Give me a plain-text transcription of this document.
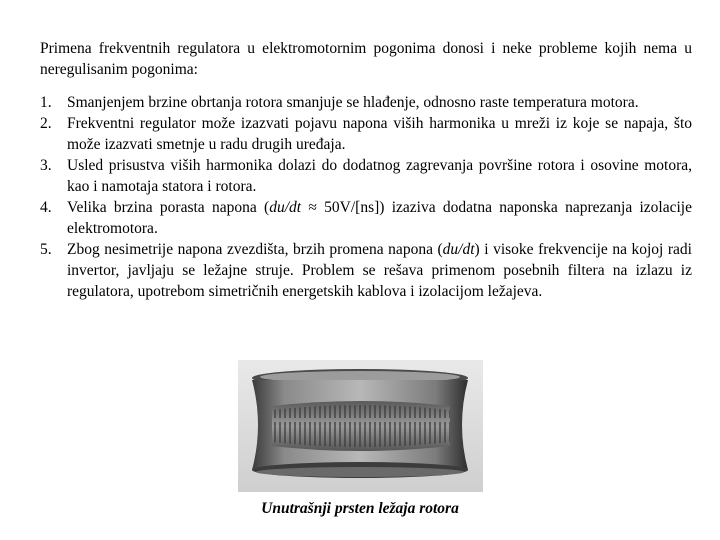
Primena frekventnih regulatora u elektromotornim pogonima donosi i neke probleme kojih nema u neregulisanim pogonima:

1. Smanjenjem brzine obrtanja rotora smanjuje se hlađenje, odnosno raste temperatura motora.
2. Frekventni regulator može izazvati pojavu napona viših harmonika u mreži iz koje se napaja, što može izazvati smetnje u radu drugih uređaja.
3. Usled prisustva viših harmonika dolazi do dodatnog zagrevanja površine rotora i osovine motora, kao i namotaja statora i rotora.
4. Velika brzina porasta napona (du/dt ≈ 50V/[ns]) izaziva dodatna naponska naprezanja izolacije elektromotora.
5. Zbog nesimetrije napona zvezdišta, brzih promena napona (du/dt) i visoke frekvencije na kojoj radi invertor, javljaju se ležajne struje. Problem se rešava primenom posebnih filtera na izlazu iz regulatora, upotrebom simetričnih energetskih kablova i izolacijom ležajeva.
Unutrašnji prsten ležaja rotora
